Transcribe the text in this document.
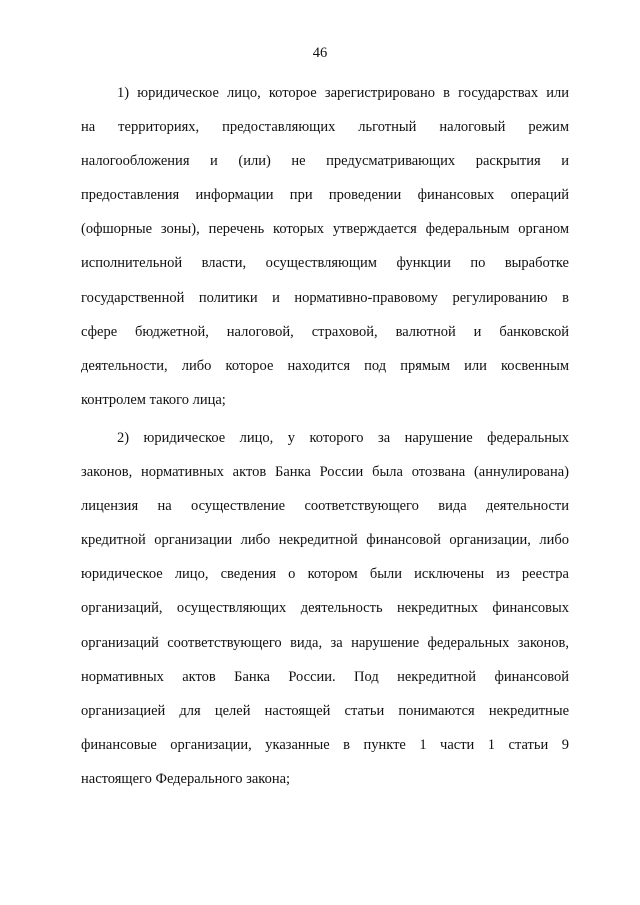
46
1) юридическое лицо, которое зарегистрировано в государствах или
на территориях, предоставляющих льготный налоговый режим
налогообложения и (или) не предусматривающих раскрытия и
предоставления информации при проведении финансовых операций
(офшорные зоны), перечень которых утверждается федеральным органом
исполнительной власти, осуществляющим функции по выработке
государственной политики и нормативно-правовому регулированию в
сфере бюджетной, налоговой, страховой, валютной и банковской
деятельности, либо которое находится под прямым или косвенным
контролем такого лица;
2) юридическое лицо, у которого за нарушение федеральных
законов, нормативных актов Банка России была отозвана (аннулирована)
лицензия на осуществление соответствующего вида деятельности
кредитной организации либо некредитной финансовой организации, либо
юридическое лицо, сведения о котором были исключены из реестра
организаций, осуществляющих деятельность некредитных финансовых
организаций соответствующего вида, за нарушение федеральных законов,
нормативных актов Банка России. Под некредитной финансовой
организацией для целей настоящей статьи понимаются некредитные
финансовые организации, указанные в пункте 1 части 1 статьи 9
настоящего Федерального закона;
